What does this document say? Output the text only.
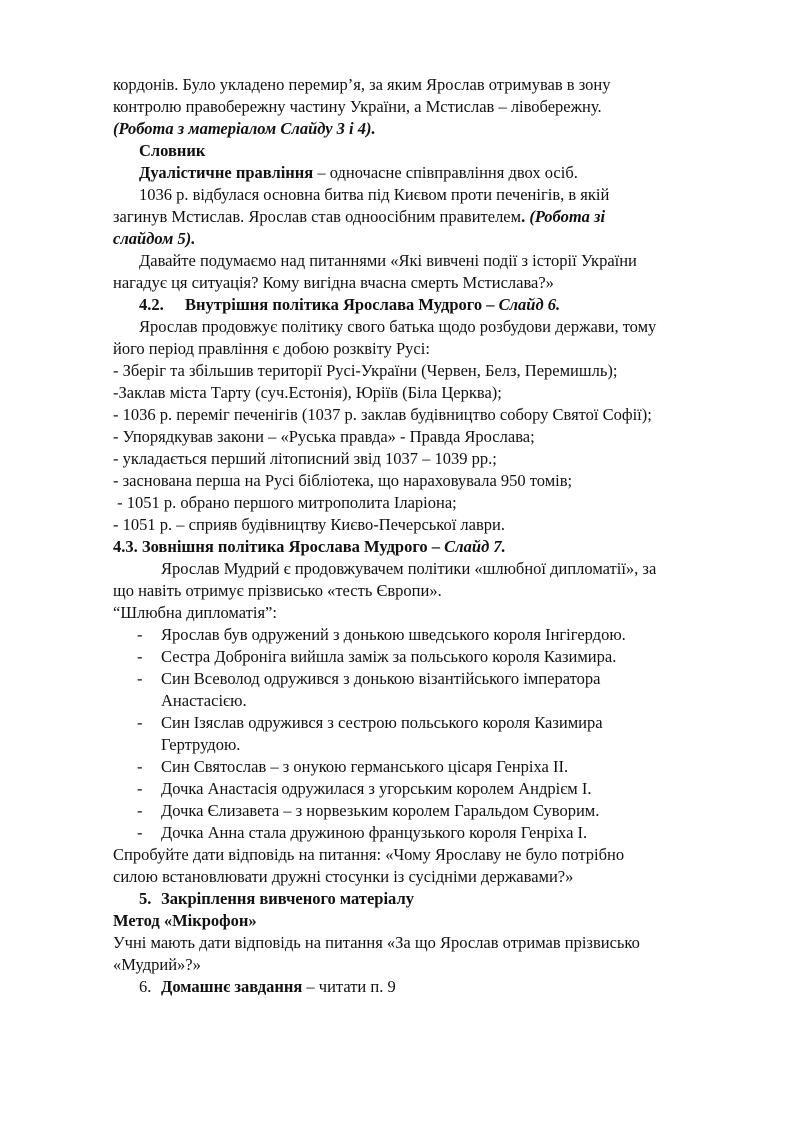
кордонів. Було укладено перемир’я, за яким Ярослав отримував в зону
контролю правобережну частину України, а Мстислав – лівобережну.
(Робота з матеріалом Слайду 3 і 4).
Словник
Дуалістичне правління – одночасне співправління двох осіб.
1036 р. відбулася основна битва під Києвом проти печенігів, в якій
загинув Мстислав. Ярослав став одноосібним правителем. (Робота зі
слайдом 5).
Давайте подумаємо над питаннями «Які вивчені події з історії України
нагадує ця ситуація? Кому вигідна вчасна смерть Мстислава?»
4.2. Внутрішня політика Ярослава Мудрого – Слайд 6.
Ярослав продовжує політику свого батька щодо розбудови держави, тому
його період правління є добою розквіту Русі:
- Зберіг та збільшив території Русі-України (Червен, Белз, Перемишль);
-Заклав міста Тарту (суч.Естонія), Юріїв (Біла Церква);
- 1036 р. переміг печенігів (1037 р. заклав будівництво собору Святої Софії);
- Упорядкував закони – «Руська правда» - Правда Ярослава;
- укладається перший літописний звід 1037 – 1039 рр.;
- заснована перша на Русі бібліотека, що нараховувала 950 томів;
- 1051 р. обрано першого митрополита Іларіона;
- 1051 р. – сприяв будівництву Києво-Печерської лаври.
4.3. Зовнішня політика Ярослава Мудрого – Слайд 7.
Ярослав Мудрий є продовжувачем політики «шлюбної дипломатії», за
що навіть отримує прізвисько «тесть Європи».
“Шлюбна дипломатія”:
-	Ярослав був одружений з донькою шведського короля Інгігердою.
-	Сестра Доброніга вийшла заміж за польського короля Казимира.
-	Син Всеволод одружився з донькою візантійського імператора
Анастасією.
-	Син Ізяслав одружився з сестрою польського короля Казимира
Гертрудою.
-	Син Святослав – з онукою германського цісаря Генріха ІІ.
-	Дочка Анастасія одружилася з угорським королем Андрієм І.
-	Дочка Єлизавета – з норвезьким королем Гаральдом Суворим.
-	Дочка Анна стала дружиною французького короля Генріха І.
Спробуйте дати відповідь на питання: «Чому Ярославу не було потрібно
силою встановлювати дружні стосунки із сусідніми державами?»
5. Закріплення вивченого матеріалу
Метод «Мікрофон»
Учні мають дати відповідь на питання «За що Ярослав отримав прізвисько
«Мудрий»?»
6. Домашнє завдання – читати п. 9
